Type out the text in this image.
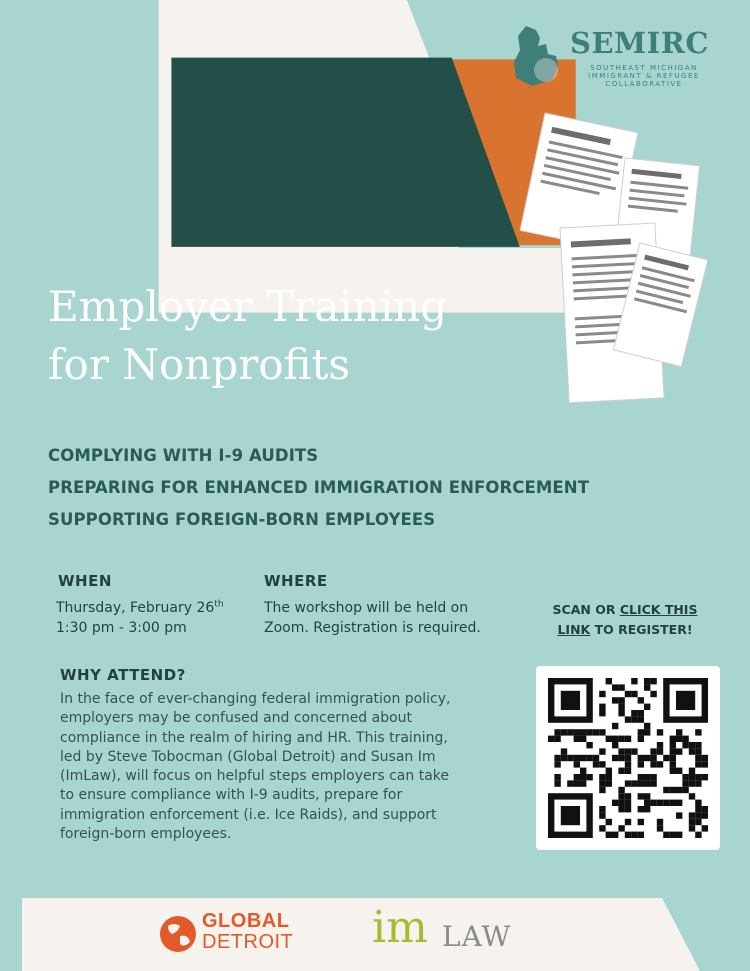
SEMIRC
SOUTHEAST MICHIGAN IMMIGRANT & REFUGEE COLLABORATIVE
Employer Training
for Nonprofits
COMPLYING WITH I-9 AUDITS
PREPARING FOR ENHANCED IMMIGRATION ENFORCEMENT
SUPPORTING FOREIGN-BORN EMPLOYEES
WHEN
Thursday, February 26th
1:30 pm - 3:00 pm
WHERE
The workshop will be held on
Zoom. Registration is required.
SCAN OR CLICK THIS
LINK TO REGISTER!
WHY ATTEND?
In the face of ever-changing federal immigration policy,
employers may be confused and concerned about
compliance in the realm of hiring and HR. This training,
led by Steve Tobocman (Global Detroit) and Susan Im
(ImLaw), will focus on helpful steps employers can take
to ensure compliance with I-9 audits, prepare for
immigration enforcement (i.e. Ice Raids), and support
foreign-born employees.
GLOBAL
DETROIT im LAW
